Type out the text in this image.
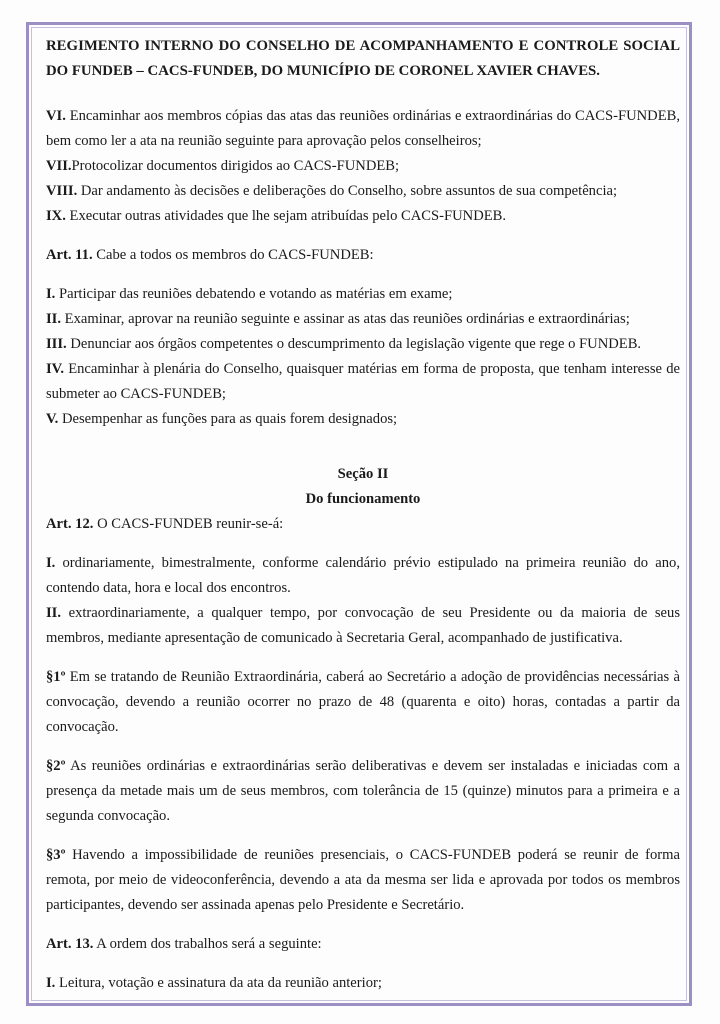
REGIMENTO INTERNO DO CONSELHO DE ACOMPANHAMENTO E CONTROLE SOCIAL DO FUNDEB – CACS-FUNDEB, DO MUNICÍPIO DE CORONEL XAVIER CHAVES.

VI. Encaminhar aos membros cópias das atas das reuniões ordinárias e extraordinárias do CACS-FUNDEB, bem como ler a ata na reunião seguinte para aprovação pelos conselheiros;

VII.Protocolizar documentos dirigidos ao CACS-FUNDEB;

VIII. Dar andamento às decisões e deliberações do Conselho, sobre assuntos de sua competência;

IX. Executar outras atividades que lhe sejam atribuídas pelo CACS-FUNDEB.

Art. 11. Cabe a todos os membros do CACS-FUNDEB:

I. Participar das reuniões debatendo e votando as matérias em exame;

II. Examinar, aprovar na reunião seguinte e assinar as atas das reuniões ordinárias e extraordinárias;

III. Denunciar aos órgãos competentes o descumprimento da legislação vigente que rege o FUNDEB.

IV. Encaminhar à plenária do Conselho, quaisquer matérias em forma de proposta, que tenham interesse de submeter ao CACS-FUNDEB;

V. Desempenhar as funções para as quais forem designados;

Seção II

Do funcionamento

Art. 12. O CACS-FUNDEB reunir-se-á:

I. ordinariamente, bimestralmente, conforme calendário prévio estipulado na primeira reunião do ano, contendo data, hora e local dos encontros.

II. extraordinariamente, a qualquer tempo, por convocação de seu Presidente ou da maioria de seus membros, mediante apresentação de comunicado à Secretaria Geral, acompanhado de justificativa.

§1º Em se tratando de Reunião Extraordinária, caberá ao Secretário a adoção de providências necessárias à convocação, devendo a reunião ocorrer no prazo de 48 (quarenta e oito) horas, contadas a partir da convocação.

§2º As reuniões ordinárias e extraordinárias serão deliberativas e devem ser instaladas e iniciadas com a presença da metade mais um de seus membros, com tolerância de 15 (quinze) minutos para a primeira e a segunda convocação.

§3º Havendo a impossibilidade de reuniões presenciais, o CACS-FUNDEB poderá se reunir de forma remota, por meio de videoconferência, devendo a ata da mesma ser lida e aprovada por todos os membros participantes, devendo ser assinada apenas pelo Presidente e Secretário.

Art. 13. A ordem dos trabalhos será a seguinte:

I. Leitura, votação e assinatura da ata da reunião anterior;
